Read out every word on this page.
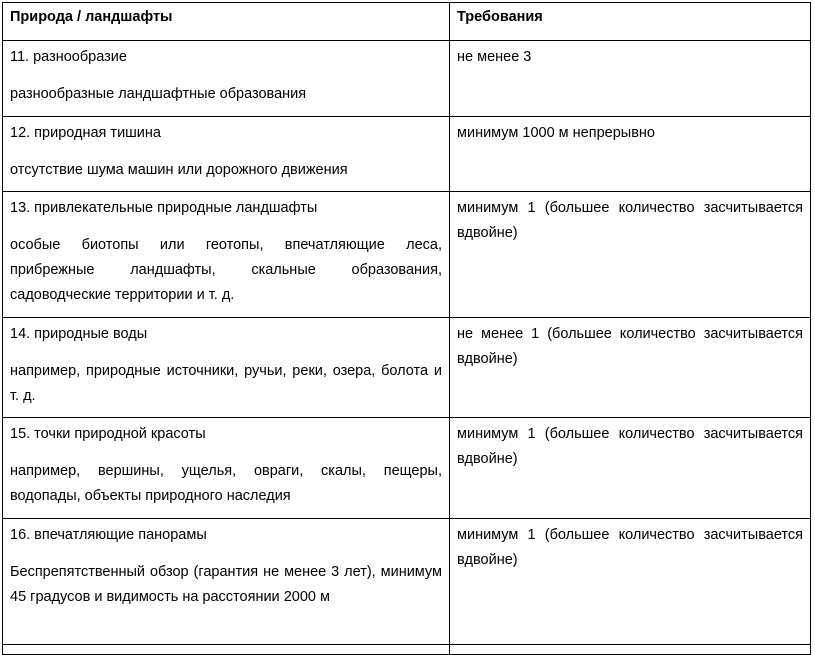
Природа / ландшафты	Требования

11. разнообразие

разнообразные ландшафтные образования	не менее 3

12. природная тишина

отсутствие шума машин или дорожного движения	минимум 1000 м непрерывно

13. привлекательные природные ландшафты

особые биотопы или геотопы, впечатляющие леса, прибрежные ландшафты, скальные образования, садоводческие территории и т. д.	минимум 1 (большее количество засчитывается вдвойне)

14. природные воды

например, природные источники, ручьи, реки, озера, болота и т. д.	не менее 1 (большее количество засчитывается вдвойне)

15. точки природной красоты

например, вершины, ущелья, овраги, скалы, пещеры, водопады, объекты природного наследия	минимум 1 (большее количество засчитывается вдвойне)

16. впечатляющие панорамы

Беспрепятственный обзор (гарантия не менее 3 лет), минимум 45 градусов и видимость на расстоянии 2000 м	минимум 1 (большее количество засчитывается вдвойне)
